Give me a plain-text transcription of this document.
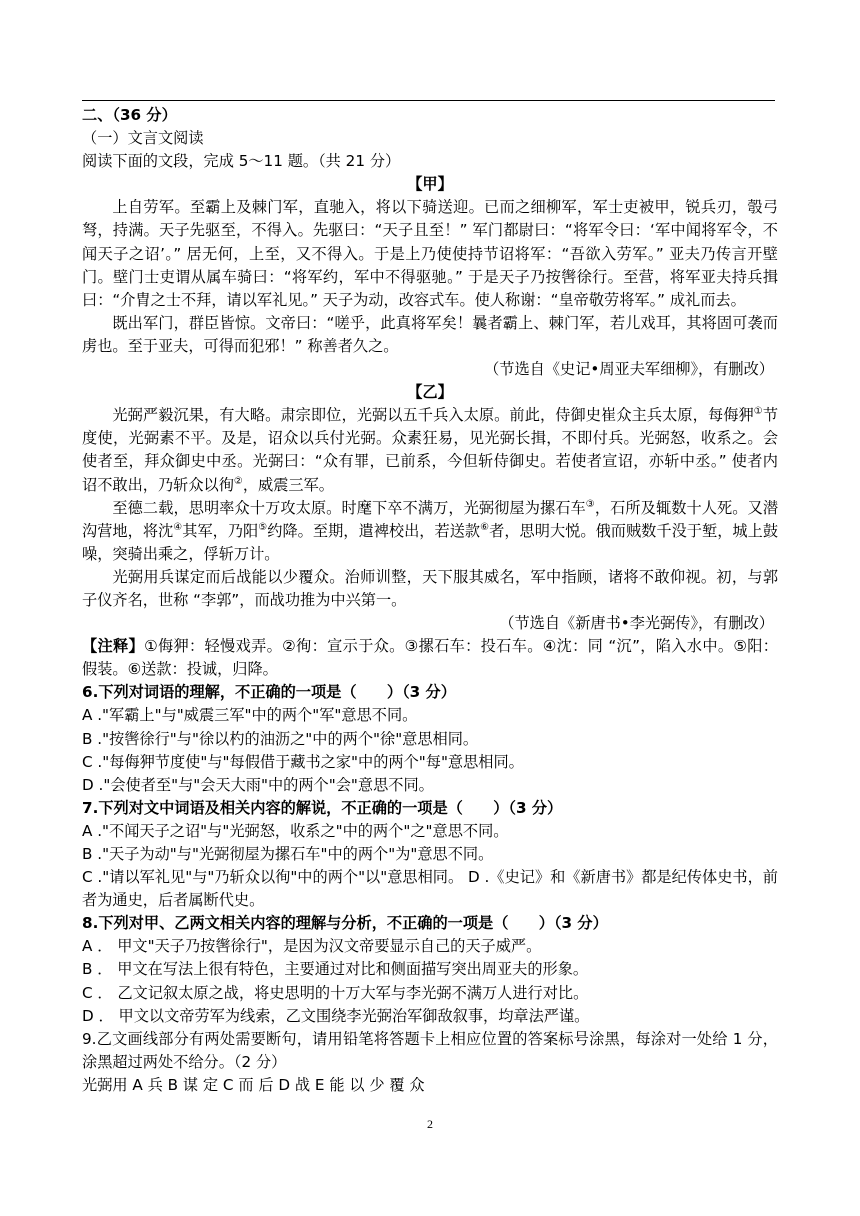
二、（36 分）

（一）文言文阅读

阅读下面的文段，完成 5～11 题。（共 21 分）

【甲】

上自劳军。至霸上及棘门军，直驰入，将以下骑送迎。已而之细柳军，军士吏被甲，锐兵刃，彀弓弩，持满。天子先驱至，不得入。先驱曰：“天子且至！” 军门都尉曰：“将军令曰：‘军中闻将军令，不闻天子之诏’。” 居无何，上至，又不得入。于是上乃使使持节诏将军：“吾欲入劳军。” 亚夫乃传言开壁门。壁门士吏谓从属车骑曰：“将军约，军中不得驱驰。” 于是天子乃按辔徐行。至营，将军亚夫持兵揖曰：“介胄之士不拜，请以军礼见。” 天子为动，改容式车。使人称谢：“皇帝敬劳将军。” 成礼而去。

既出军门，群臣皆惊。文帝曰：“嗟乎，此真将军矣！曩者霸上、棘门军，若儿戏耳，其将固可袭而虏也。至于亚夫，可得而犯邪！” 称善者久之。

（节选自《史记•周亚夫军细柳》，有删改）

【乙】

光弼严毅沉果，有大略。肃宗即位，光弼以五千兵入太原。前此，侍御史崔众主兵太原，每侮狎①节度使，光弼素不平。及是，诏众以兵付光弼。众素狂易，见光弼长揖，不即付兵。光弼怒，收系之。会使者至，拜众御史中丞。光弼曰：“众有罪，已前系，今但斩侍御史。若使者宣诏，亦斩中丞。” 使者内诏不敢出，乃斩众以徇②，威震三军。

至德二载，思明率众十万攻太原。时麾下卒不满万，光弼彻屋为摞石车③，石所及辄数十人死。又潜沟营地，将沈④其军，乃阳⑤约降。至期，遣裨校出，若送款⑥者，思明大悦。俄而贼数千没于堑，城上鼓噪，突骑出乘之，俘斩万计。

光弼用兵谋定而后战能以少覆众。治师训整，天下服其威名，军中指顾，诸将不敢仰视。初，与郭子仪齐名，世称 “李郭”，而战功推为中兴第一。

（节选自《新唐书•李光弼传》，有删改）

【注释】①侮狎：轻慢戏弄。②徇：宣示于众。③摞石车：投石车。④沈：同 “沉”，陷入水中。⑤阳：假装。⑥送款：投诚，归降。

6.下列对词语的理解，不正确的一项是（　　）（3 分）

A ."军霸上"与"威震三军"中的两个"军"意思不同。

B ."按辔徐行"与"徐以杓的油沥之"中的两个"徐"意思相同。

C ."每侮狎节度使"与"每假借于藏书之家"中的两个"每"意思相同。

D ."会使者至"与"会天大雨"中的两个"会"意思不同。

7.下列对文中词语及相关内容的解说，不正确的一项是（　　）（3 分）

A ."不闻天子之诏"与"光弼怒，收系之"中的两个"之"意思不同。

B ."天子为动"与"光弼彻屋为摞石车"中的两个"为"意思不同。

C ."请以军礼见"与"乃斩众以徇"中的两个"以"意思相同。 D .《史记》和《新唐书》都是纪传体史书，前者为通史，后者属断代史。

8.下列对甲、乙两文相关内容的理解与分析，不正确的一项是（　　）（3 分）

A ． 甲文"天子乃按辔徐行"，是因为汉文帝要显示自己的天子威严。

B ． 甲文在写法上很有特色，主要通过对比和侧面描写突出周亚夫的形象。

C ． 乙文记叙太原之战，将史思明的十万大军与李光弼不满万人进行对比。

D ． 甲文以文帝劳军为线索，乙文围绕李光弼治军御敌叙事，均章法严谨。

9.乙文画线部分有两处需要断句，请用铅笔将答题卡上相应位置的答案标号涂黑，每涂对一处给 1 分，涂黑超过两处不给分。（2 分）

光弼用 A 兵 B 谋 定 C 而 后 D 战 E 能 以 少 覆 众

2
